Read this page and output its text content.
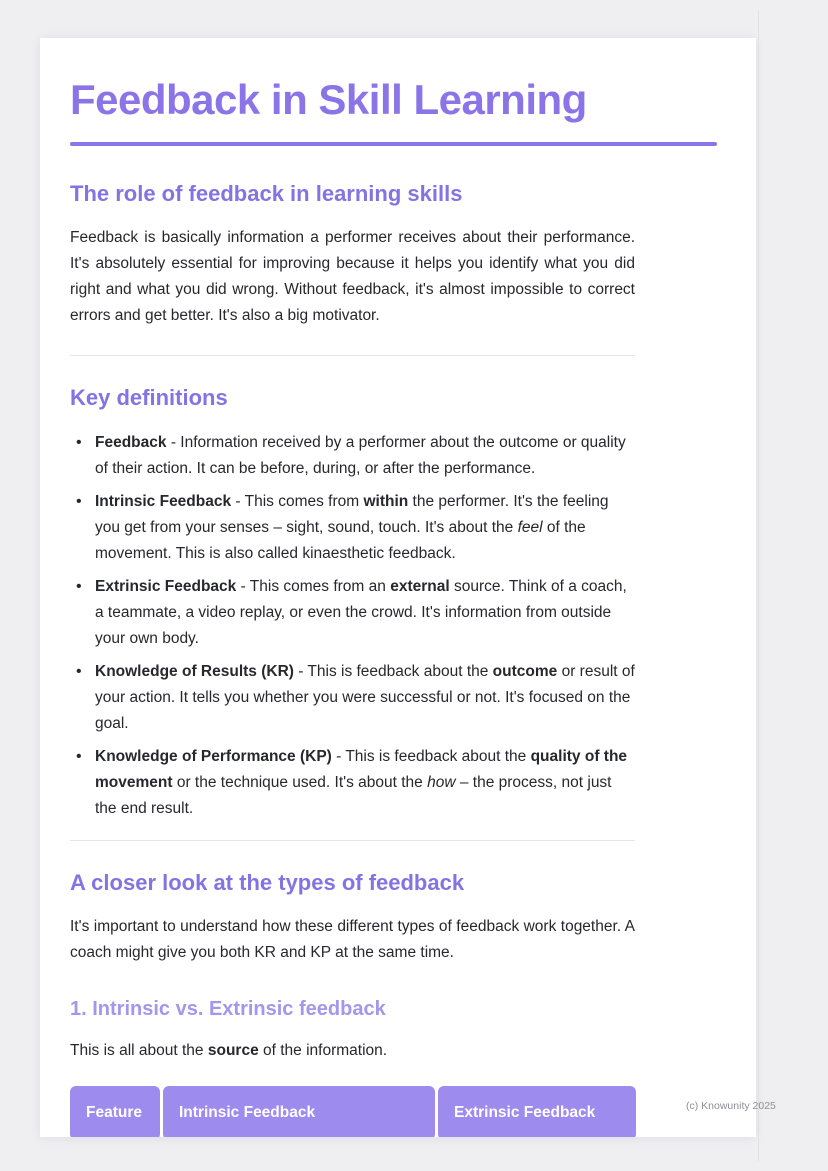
Feedback in Skill Learning
The role of feedback in learning skills

Feedback is basically information a performer receives about their performance. It's absolutely essential for improving because it helps you identify what you did right and what you did wrong. Without feedback, it's almost impossible to correct errors and get better. It's also a big motivator.

Key definitions
• Feedback - Information received by a performer about the outcome or quality of their action. It can be before, during, or after the performance.
• Intrinsic Feedback - This comes from within the performer. It's the feeling you get from your senses – sight, sound, touch. It's about the feel of the movement. This is also called kinaesthetic feedback.
• Extrinsic Feedback - This comes from an external source. Think of a coach, a teammate, a video replay, or even the crowd. It's information from outside your own body.
• Knowledge of Results (KR) - This is feedback about the outcome or result of your action. It tells you whether you were successful or not. It's focused on the goal.
• Knowledge of Performance (KP) - This is feedback about the quality of the movement or the technique used. It's about the how – the process, not just the end result.
A closer look at the types of feedback

It's important to understand how these different types of feedback work together. A coach might give you both KR and KP at the same time.

1. Intrinsic vs. Extrinsic feedback

This is all about the source of the information.

Feature	Intrinsic Feedback	Extrinsic Feedback	(c) Knowunity 2025
